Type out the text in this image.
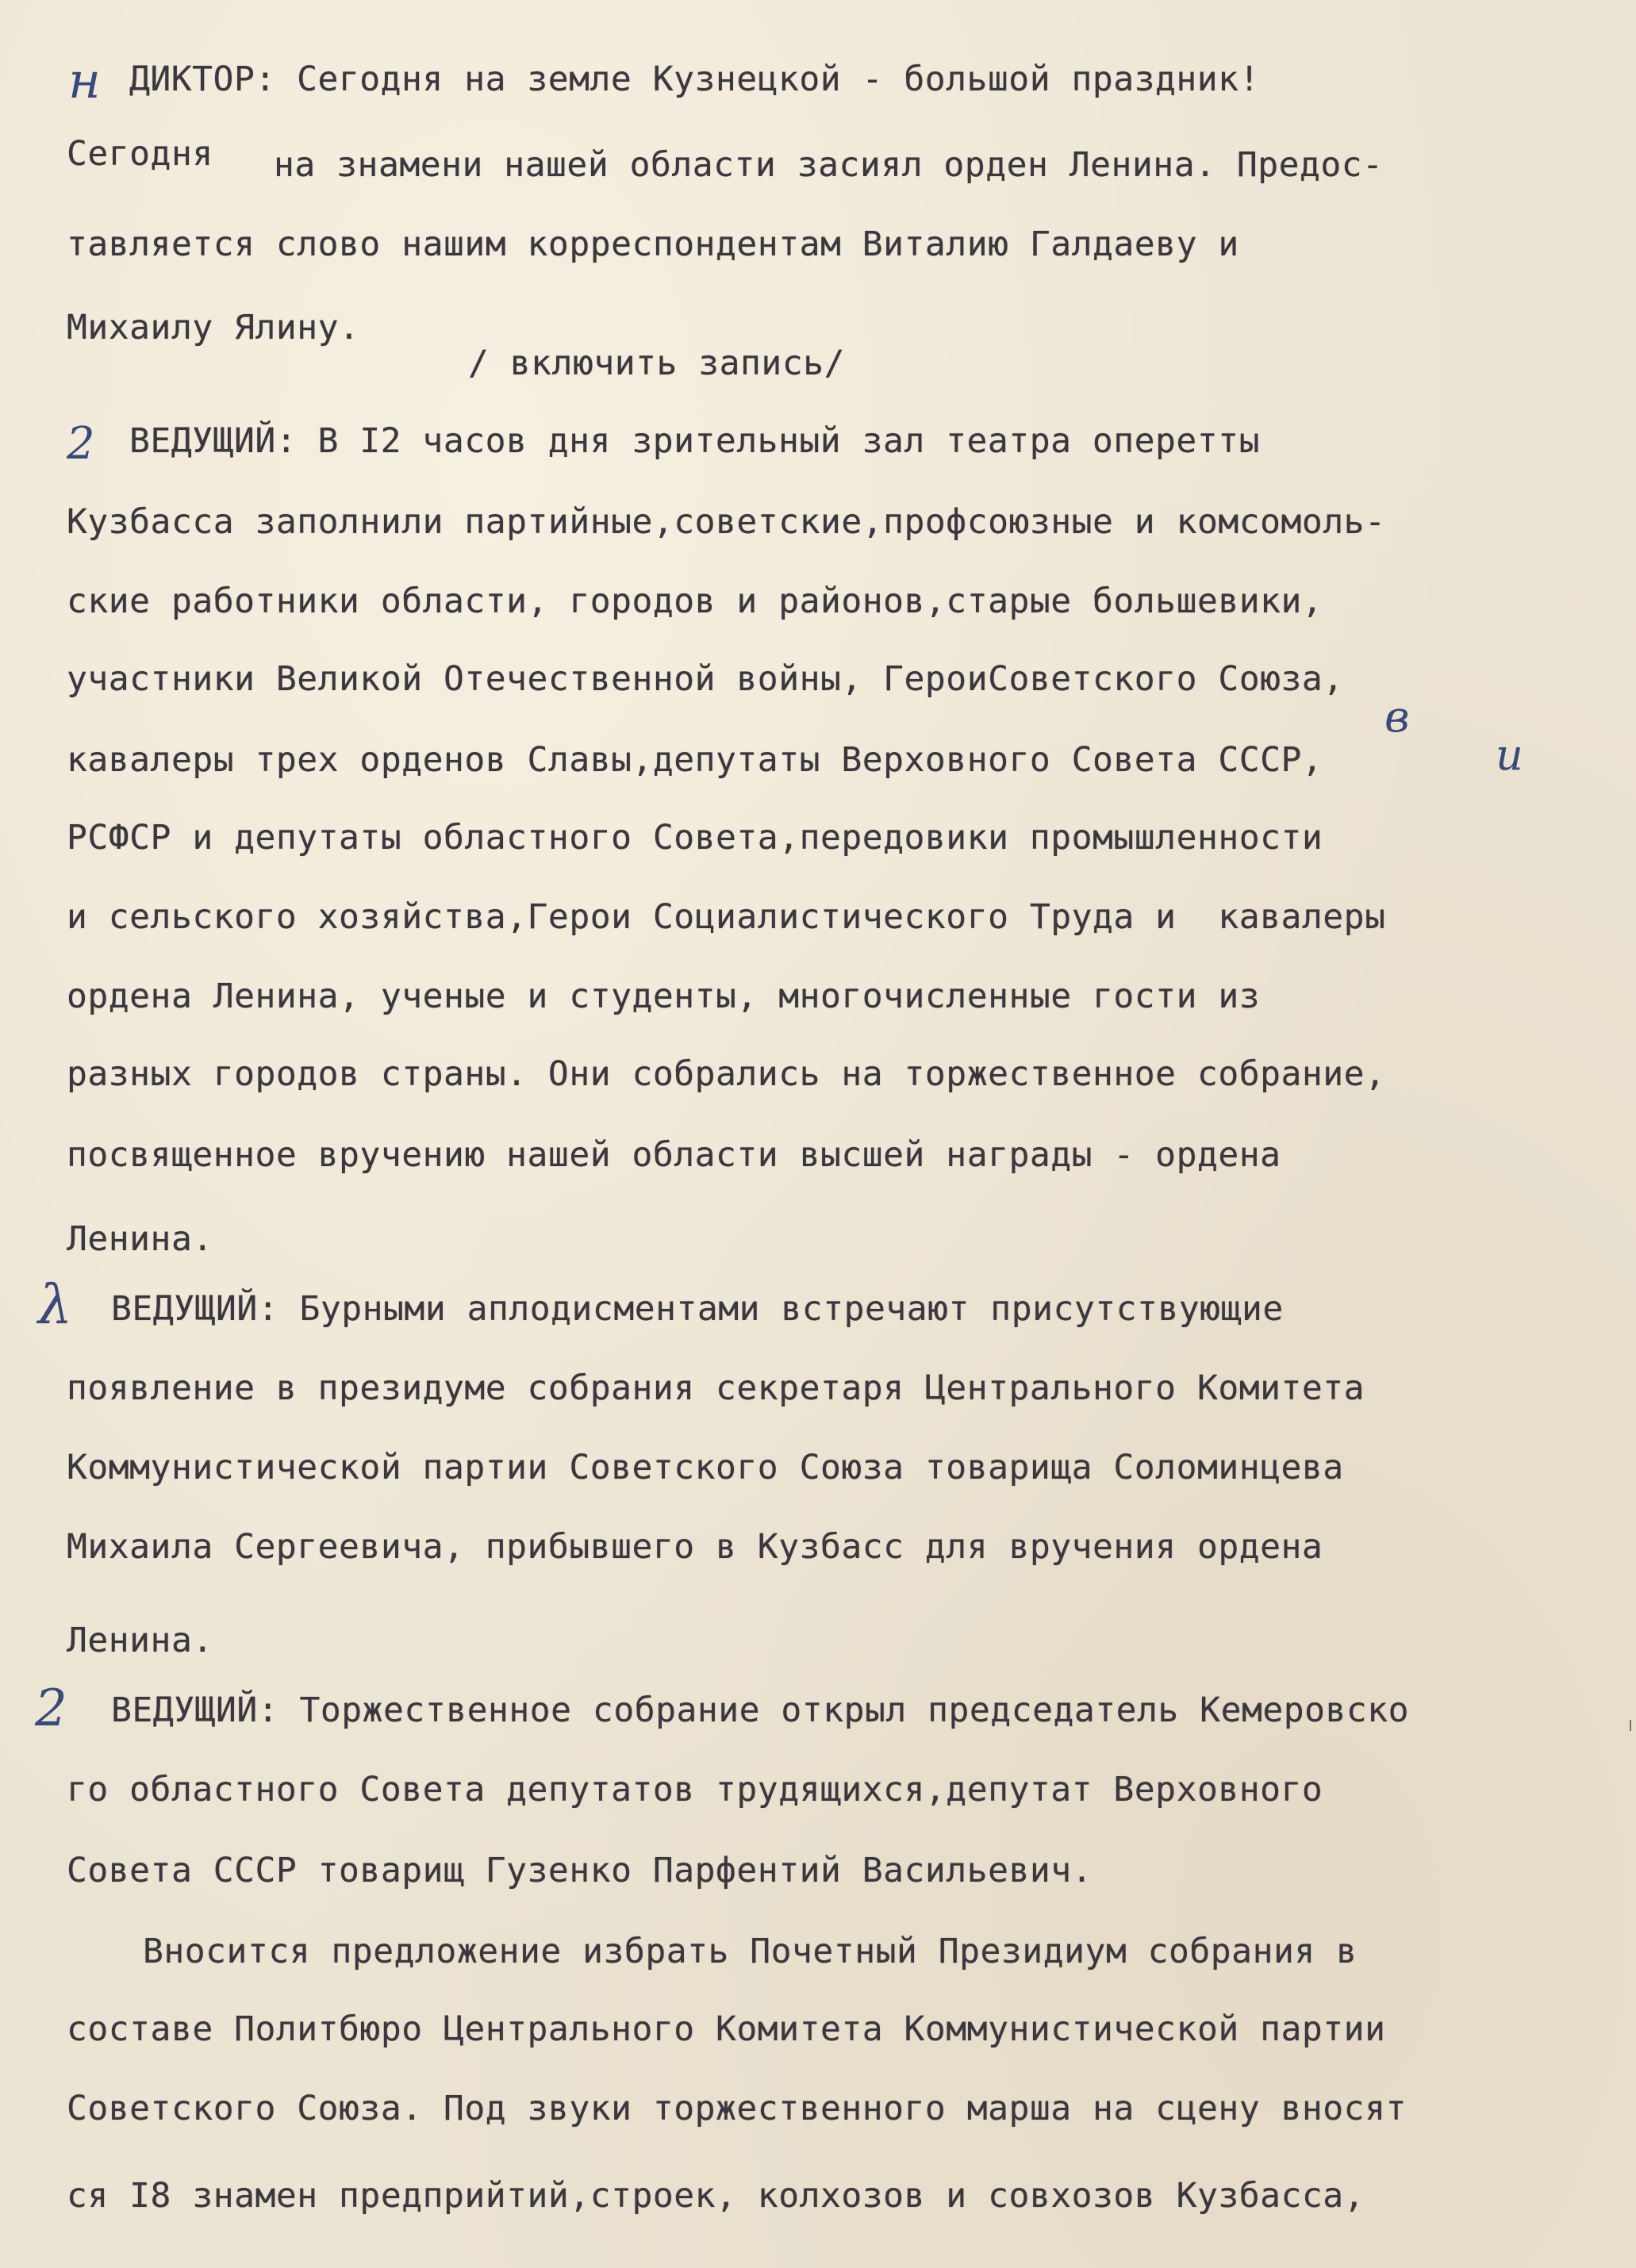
ДИКТОР: Сегодня на земле Кузнецкой - большой праздник!
Сегодня на знамени нашей области засиял орден Ленина. Предос-
тавляется слово нашим корреспондентам Виталию Галдаеву и
Михаилу Ялину.
/ включить запись/
ВЕДУЩИЙ: В I2 часов дня зрительный зал театра оперетты
Кузбасса заполнили партийные,советские,профсоюзные и комсомоль-
ские работники области, городов и районов,старые большевики,
участники Великой Отечественной войны, ГероиСоветского Союза,
кавалеры трех орденов Славы,депутаты Верховного Совета СССР,
РСФСР и депутаты областного Совета,передовики промышленности
и сельского хозяйства,Герои Социалистического Труда и  кавалеры
ордена Ленина, ученые и студенты, многочисленные гости из
разных городов страны. Они собрались на торжественное собрание,
посвященное вручению нашей области высшей награды - ордена
Ленина.
ВЕДУЩИЙ: Бурными аплодисментами встречают присутствующие
появление в президуме собрания секретаря Центрального Комитета
Коммунистической партии Советского Союза товарища Соломинцева
Михаила Сергеевича, прибывшего в Кузбасс для вручения ордена
Ленина.
ВЕДУЩИЙ: Торжественное собрание открыл председатель Кемеровско
го областного Совета депутатов трудящихся,депутат Верховного
Совета СССР товарищ Гузенко Парфентий Васильевич.
Вносится предложение избрать Почетный Президиум собрания в
составе Политбюро Центрального Комитета Коммунистической партии
Советского Союза. Под звуки торжественного марша на сцену вноcят
ся I8 знамен предприйтий,строек, колхозов и совхозов Кузбасса,
н
2
λ
2
в
и
